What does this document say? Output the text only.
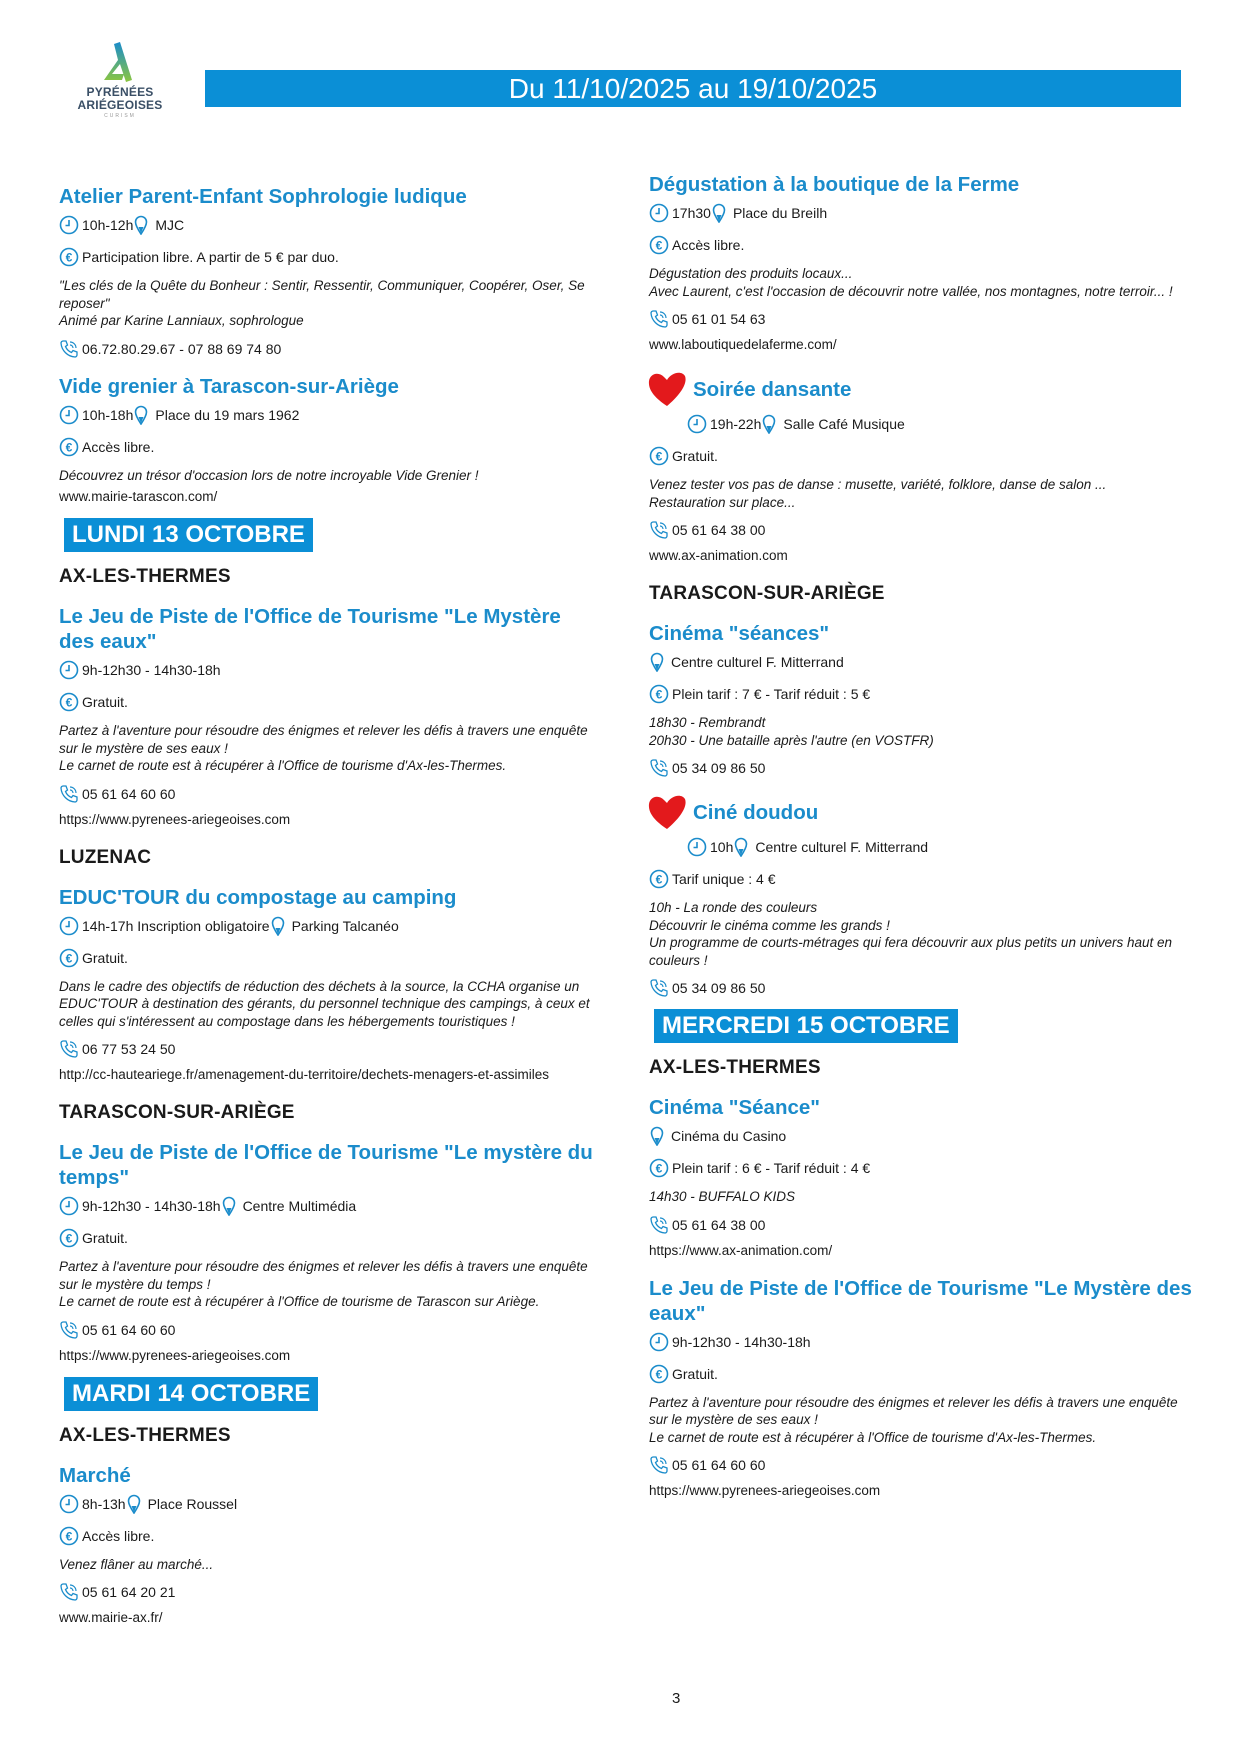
PYRÉNÉES
ARIÉGEOISES
CURISM
Du 11/10/2025 au 19/10/2025
Atelier Parent-Enfant Sophrologie ludique
10h-12h MJC
€ Participation libre. A partir de 5 € par duo.
"Les clés de la Quête du Bonheur : Sentir, Ressentir, Communiquer, Coopérer, Oser, Se
reposer"
Animé par Karine Lanniaux, sophrologue
06.72.80.29.67 - 07 88 69 74 80
Vide grenier à Tarascon-sur-Ariège
10h-18h Place du 19 mars 1962
€ Accès libre.
Découvrez un trésor d'occasion lors de notre incroyable Vide Grenier !
www.mairie-tarascon.com/
LUNDI 13 OCTOBRE
AX-LES-THERMES
Le Jeu de Piste de l'Office de Tourisme "Le Mystère des eaux"
9h-12h30 - 14h30-18h
€ Gratuit.
Partez à l'aventure pour résoudre des énigmes et relever les défis à travers une enquête
sur le mystère de ses eaux !
Le carnet de route est à récupérer à l'Office de tourisme d'Ax-les-Thermes.
05 61 64 60 60
https://www.pyrenees-ariegeoises.com
LUZENAC
EDUC'TOUR du compostage au camping
14h-17h Inscription obligatoire Parking Talcanéo
€ Gratuit.
Dans le cadre des objectifs de réduction des déchets à la source, la CCHA organise un
EDUC'TOUR à destination des gérants, du personnel technique des campings, à ceux et
celles qui s'intéressent au compostage dans les hébergements touristiques !
06 77 53 24 50
http://cc-hauteariege.fr/amenagement-du-territoire/dechets-menagers-et-assimiles
TARASCON-SUR-ARIÈGE
Le Jeu de Piste de l'Office de Tourisme "Le mystère du temps"
9h-12h30 - 14h30-18h Centre Multimédia
€ Gratuit.
Partez à l'aventure pour résoudre des énigmes et relever les défis à travers une enquête
sur le mystère du temps !
Le carnet de route est à récupérer à l'Office de tourisme de Tarascon sur Ariège.
05 61 64 60 60
https://www.pyrenees-ariegeoises.com
MARDI 14 OCTOBRE
AX-LES-THERMES
Marché
8h-13h Place Roussel
€ Accès libre.
Venez flâner au marché...
05 61 64 20 21
www.mairie-ax.fr/
Dégustation à la boutique de la Ferme
17h30 Place du Breilh
€ Accès libre.
Dégustation des produits locaux...
Avec Laurent, c'est l'occasion de découvrir notre vallée, nos montagnes, notre terroir... !
05 61 01 54 63
www.laboutiquedelaferme.com/
Soirée dansante
19h-22h Salle Café Musique
€ Gratuit.
Venez tester vos pas de danse : musette, variété, folklore, danse de salon ...
Restauration sur place...
05 61 64 38 00
www.ax-animation.com
TARASCON-SUR-ARIÈGE
Cinéma "séances"
Centre culturel F. Mitterrand
€ Plein tarif : 7 € - Tarif réduit : 5 €
18h30 - Rembrandt
20h30 - Une bataille après l'autre (en VOSTFR)
05 34 09 86 50
Ciné doudou
10h Centre culturel F. Mitterrand
€ Tarif unique : 4 €
10h - La ronde des couleurs
Découvrir le cinéma comme les grands !
Un programme de courts-métrages qui fera découvrir aux plus petits un univers haut en
couleurs !
05 34 09 86 50
MERCREDI 15 OCTOBRE
AX-LES-THERMES
Cinéma "Séance"
Cinéma du Casino
€ Plein tarif : 6 € - Tarif réduit : 4 €
14h30 - BUFFALO KIDS
05 61 64 38 00
https://www.ax-animation.com/
Le Jeu de Piste de l'Office de Tourisme "Le Mystère des eaux"
9h-12h30 - 14h30-18h
€ Gratuit.
Partez à l'aventure pour résoudre des énigmes et relever les défis à travers une enquête
sur le mystère de ses eaux !
Le carnet de route est à récupérer à l'Office de tourisme d'Ax-les-Thermes.
05 61 64 60 60
https://www.pyrenees-ariegeoises.com
3
